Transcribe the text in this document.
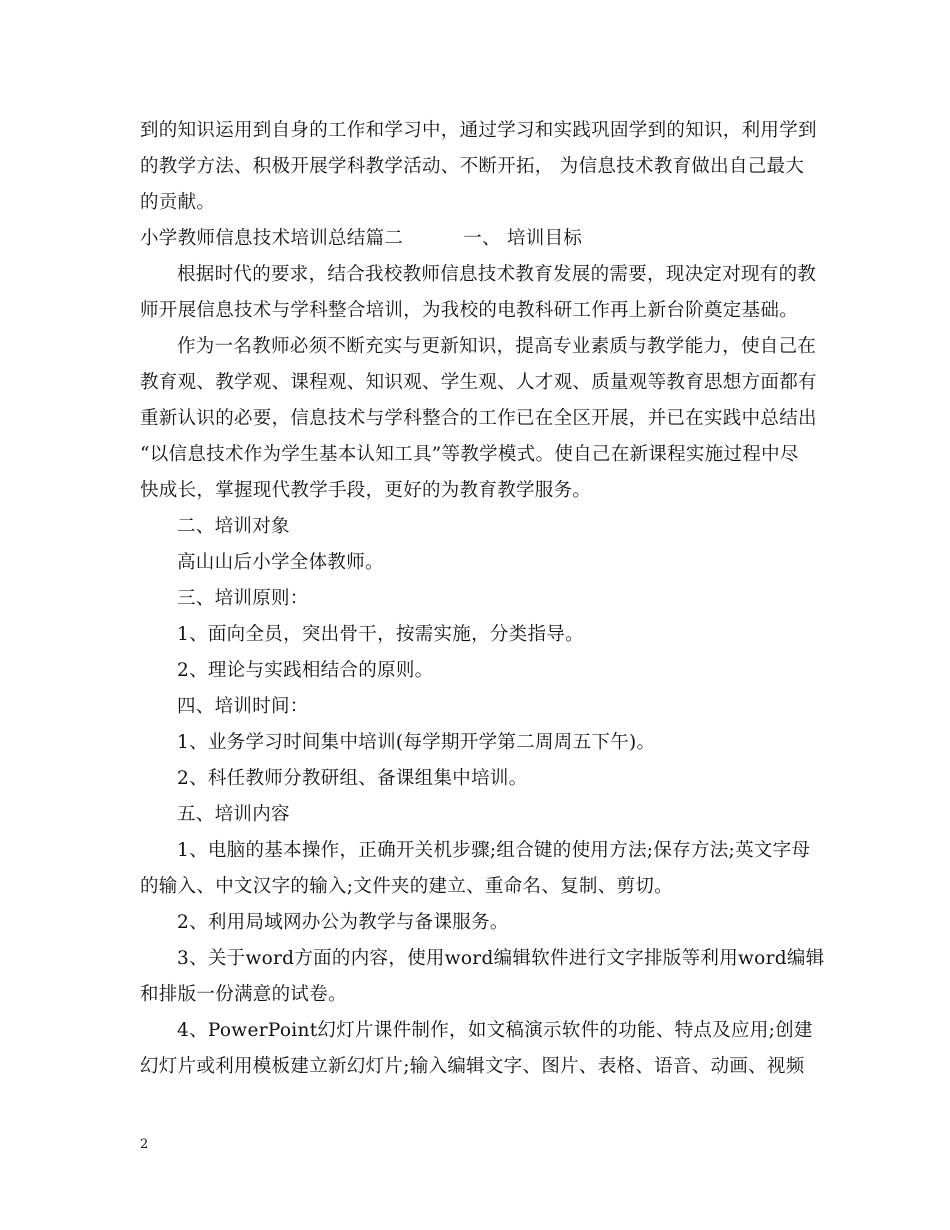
到的知识运用到自身的工作和学习中，通过学习和实践巩固学到的知识，利用学到
的教学方法、积极开展学科教学活动、不断开拓， 为信息技术教育做出自己最大
的贡献。
小学教师信息技术培训总结篇二	一、 培训目标
根据时代的要求，结合我校教师信息技术教育发展的需要，现决定对现有的教
师开展信息技术与学科整合培训，为我校的电教科研工作再上新台阶奠定基础。
作为一名教师必须不断充实与更新知识，提高专业素质与教学能力，使自己在
教育观、教学观、课程观、知识观、学生观、人才观、质量观等教育思想方面都有
重新认识的必要，信息技术与学科整合的工作已在全区开展，并已在实践中总结出
“以信息技术作为学生基本认知工具”等教学模式。使自己在新课程实施过程中尽
快成长，掌握现代教学手段，更好的为教育教学服务。
二、培训对象
高山山后小学全体教师。
三、培训原则：
1、面向全员，突出骨干，按需实施，分类指导。
2、理论与实践相结合的原则。
四、培训时间：
1、业务学习时间集中培训(每学期开学第二周周五下午)。
2、科任教师分教研组、备课组集中培训。
五、培训内容
1、电脑的基本操作，正确开关机步骤;组合键的使用方法;保存方法;英文字母
的输入、中文汉字的输入;文件夹的建立、重命名、复制、剪切。
2、利用局域网办公为教学与备课服务。
3、关于word方面的内容，使用word编辑软件进行文字排版等利用word编辑
和排版一份满意的试卷。
4、PowerPoint幻灯片课件制作，如文稿演示软件的功能、特点及应用;创建
幻灯片或利用模板建立新幻灯片;输入编辑文字、图片、表格、语音、动画、视频
2
